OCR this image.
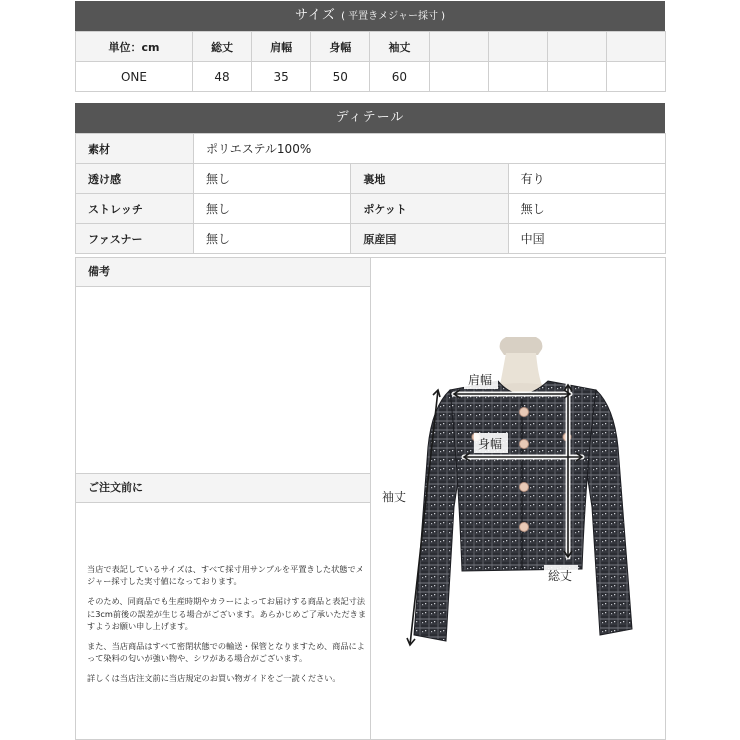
サイズ ( 平置きメジャー採寸 )
単位：cm	総丈	肩幅	身幅	袖丈				
ONE	48	35	50	60				
ディテール
素材	ポリエステル100%		
透け感	無し	裏地	有り
ストレッチ	無し	ポケット	無し
ファスナー	無し	原産国	中国
備考
ご注文前に

当店で表記しているサイズは、すべて採寸用サンプルを平置きした状態でメジャー採寸した実寸値になっております。

そのため、同商品でも生産時期やカラーによってお届けする商品と表記寸法に3cm前後の誤差が生じる場合がございます。あらかじめご了承いただきますようお願い申し上げます。

また、当店商品はすべて密閉状態での輸送・保管となりますため、商品によって染料の匂いが強い物や、シワがある場合がございます。

詳しくは当店注文前に当店規定のお買い物ガイドをご一読ください。

肩幅
身幅
袖丈
総丈
